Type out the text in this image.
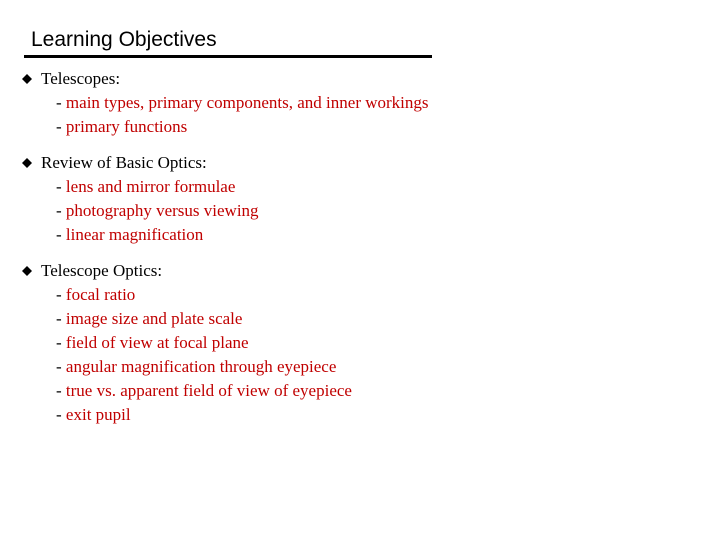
Learning Objectives
Telescopes:
- main types, primary components, and inner workings
- primary functions
Review of Basic Optics:
- lens and mirror formulae
- photography versus viewing
- linear magnification
Telescope Optics:
- focal ratio
- image size and plate scale
- field of view at focal plane
- angular magnification through eyepiece
- true vs. apparent field of view of eyepiece
- exit pupil
